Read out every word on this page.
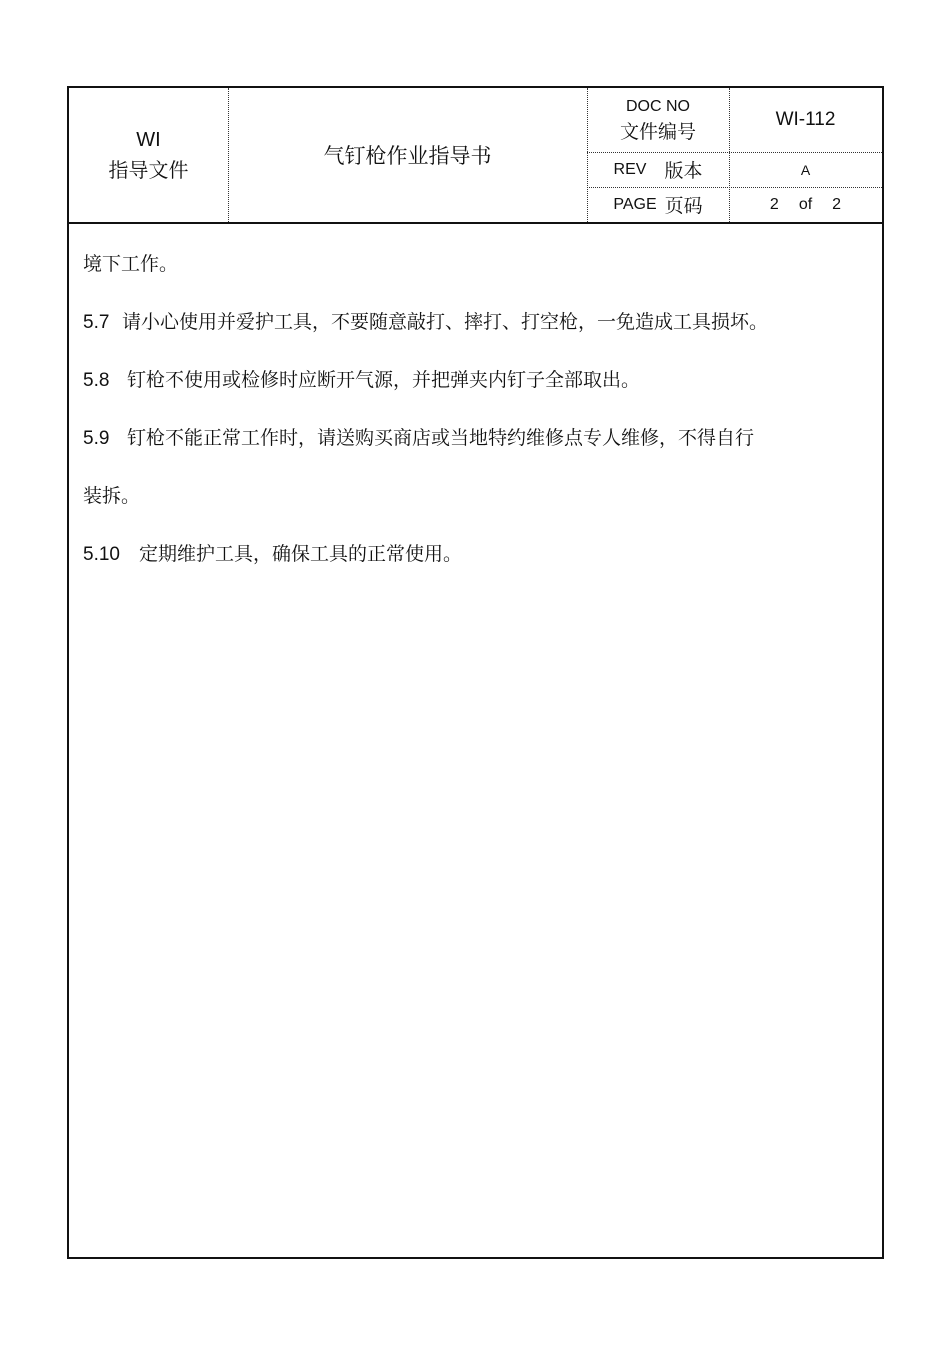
WI
指导文件
气钉枪作业指导书
DOC NO
文件编号
WI-112
REV 版本	A
PAGE 页码	2 of 2
境下工作。
5.7 请小心使用并爱护工具，不要随意敲打、摔打、打空枪，一免造成工具损坏。
5.8 钉枪不使用或检修时应断开气源，并把弹夹内钉子全部取出。
5.9 钉枪不能正常工作时，请送购买商店或当地特约维修点专人维修，不得自行
装拆。
5.10 定期维护工具，确保工具的正常使用。
